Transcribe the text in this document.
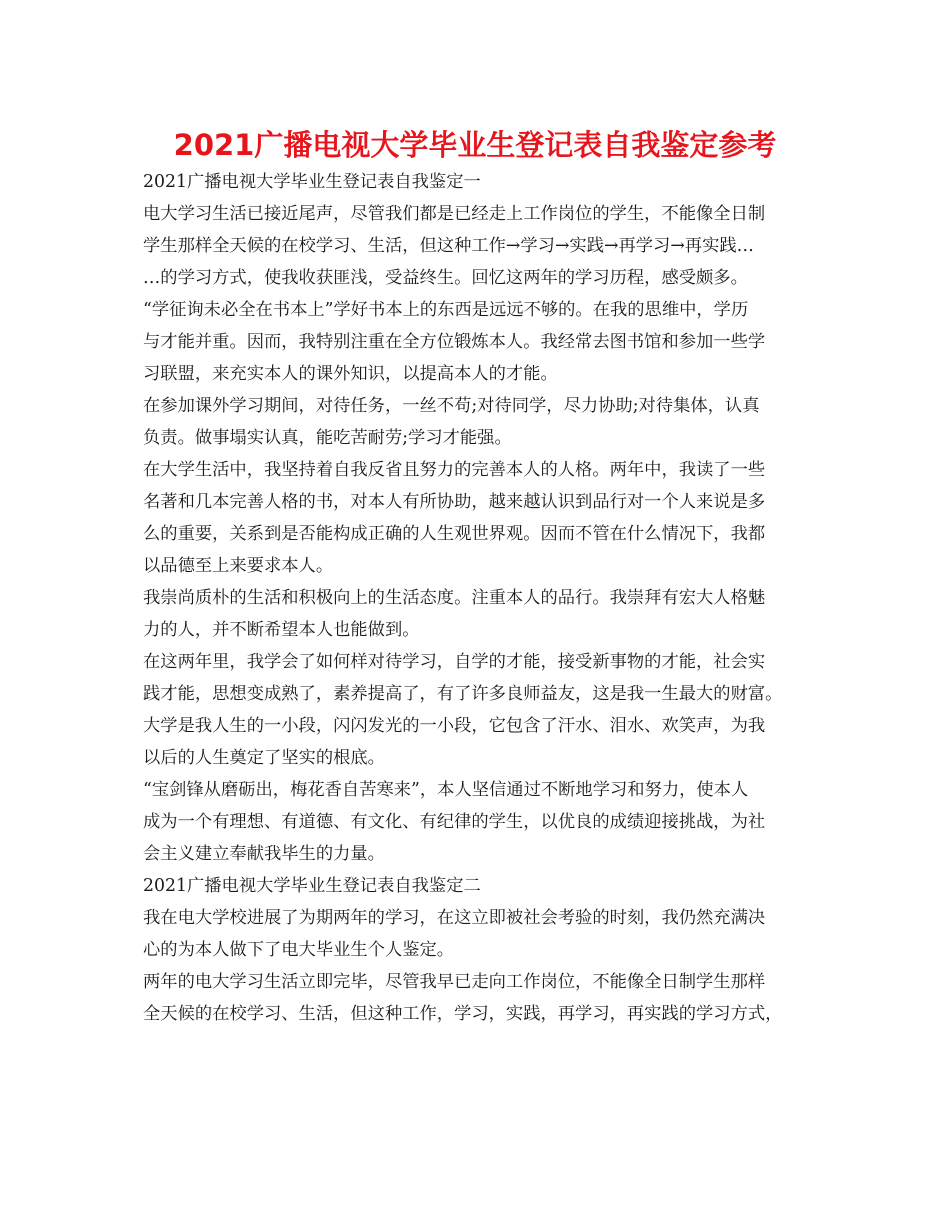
2021广播电视大学毕业生登记表自我鉴定参考
2021广播电视大学毕业生登记表自我鉴定一
电大学习生活已接近尾声，尽管我们都是已经走上工作岗位的学生，不能像全日制
学生那样全天候的在校学习、生活，但这种工作→学习→实践→再学习→再实践…
…的学习方式，使我收获匪浅，受益终生。回忆这两年的学习历程，感受颇多。
“学征询未必全在书本上”学好书本上的东西是远远不够的。在我的思维中，学历
与才能并重。因而，我特别注重在全方位锻炼本人。我经常去图书馆和参加一些学
习联盟，来充实本人的课外知识，以提高本人的才能。
在参加课外学习期间，对待任务，一丝不苟;对待同学，尽力协助;对待集体，认真
负责。做事塌实认真，能吃苦耐劳;学习才能强。
在大学生活中，我坚持着自我反省且努力的完善本人的人格。两年中，我读了一些
名著和几本完善人格的书，对本人有所协助，越来越认识到品行对一个人来说是多
么的重要，关系到是否能构成正确的人生观世界观。因而不管在什么情况下，我都
以品德至上来要求本人。
我崇尚质朴的生活和积极向上的生活态度。注重本人的品行。我崇拜有宏大人格魅
力的人，并不断希望本人也能做到。
在这两年里，我学会了如何样对待学习，自学的才能，接受新事物的才能，社会实
践才能，思想变成熟了，素养提高了，有了许多良师益友，这是我一生最大的财富。
大学是我人生的一小段，闪闪发光的一小段，它包含了汗水、泪水、欢笑声，为我
以后的人生奠定了坚实的根底。
“宝剑锋从磨砺出，梅花香自苦寒来”，本人坚信通过不断地学习和努力，使本人
成为一个有理想、有道德、有文化、有纪律的学生，以优良的成绩迎接挑战，为社
会主义建立奉献我毕生的力量。
2021广播电视大学毕业生登记表自我鉴定二
我在电大学校进展了为期两年的学习，在这立即被社会考验的时刻，我仍然充满决
心的为本人做下了电大毕业生个人鉴定。
两年的电大学习生活立即完毕，尽管我早已走向工作岗位，不能像全日制学生那样
全天候的在校学习、生活，但这种工作，学习，实践，再学习，再实践的学习方式，
